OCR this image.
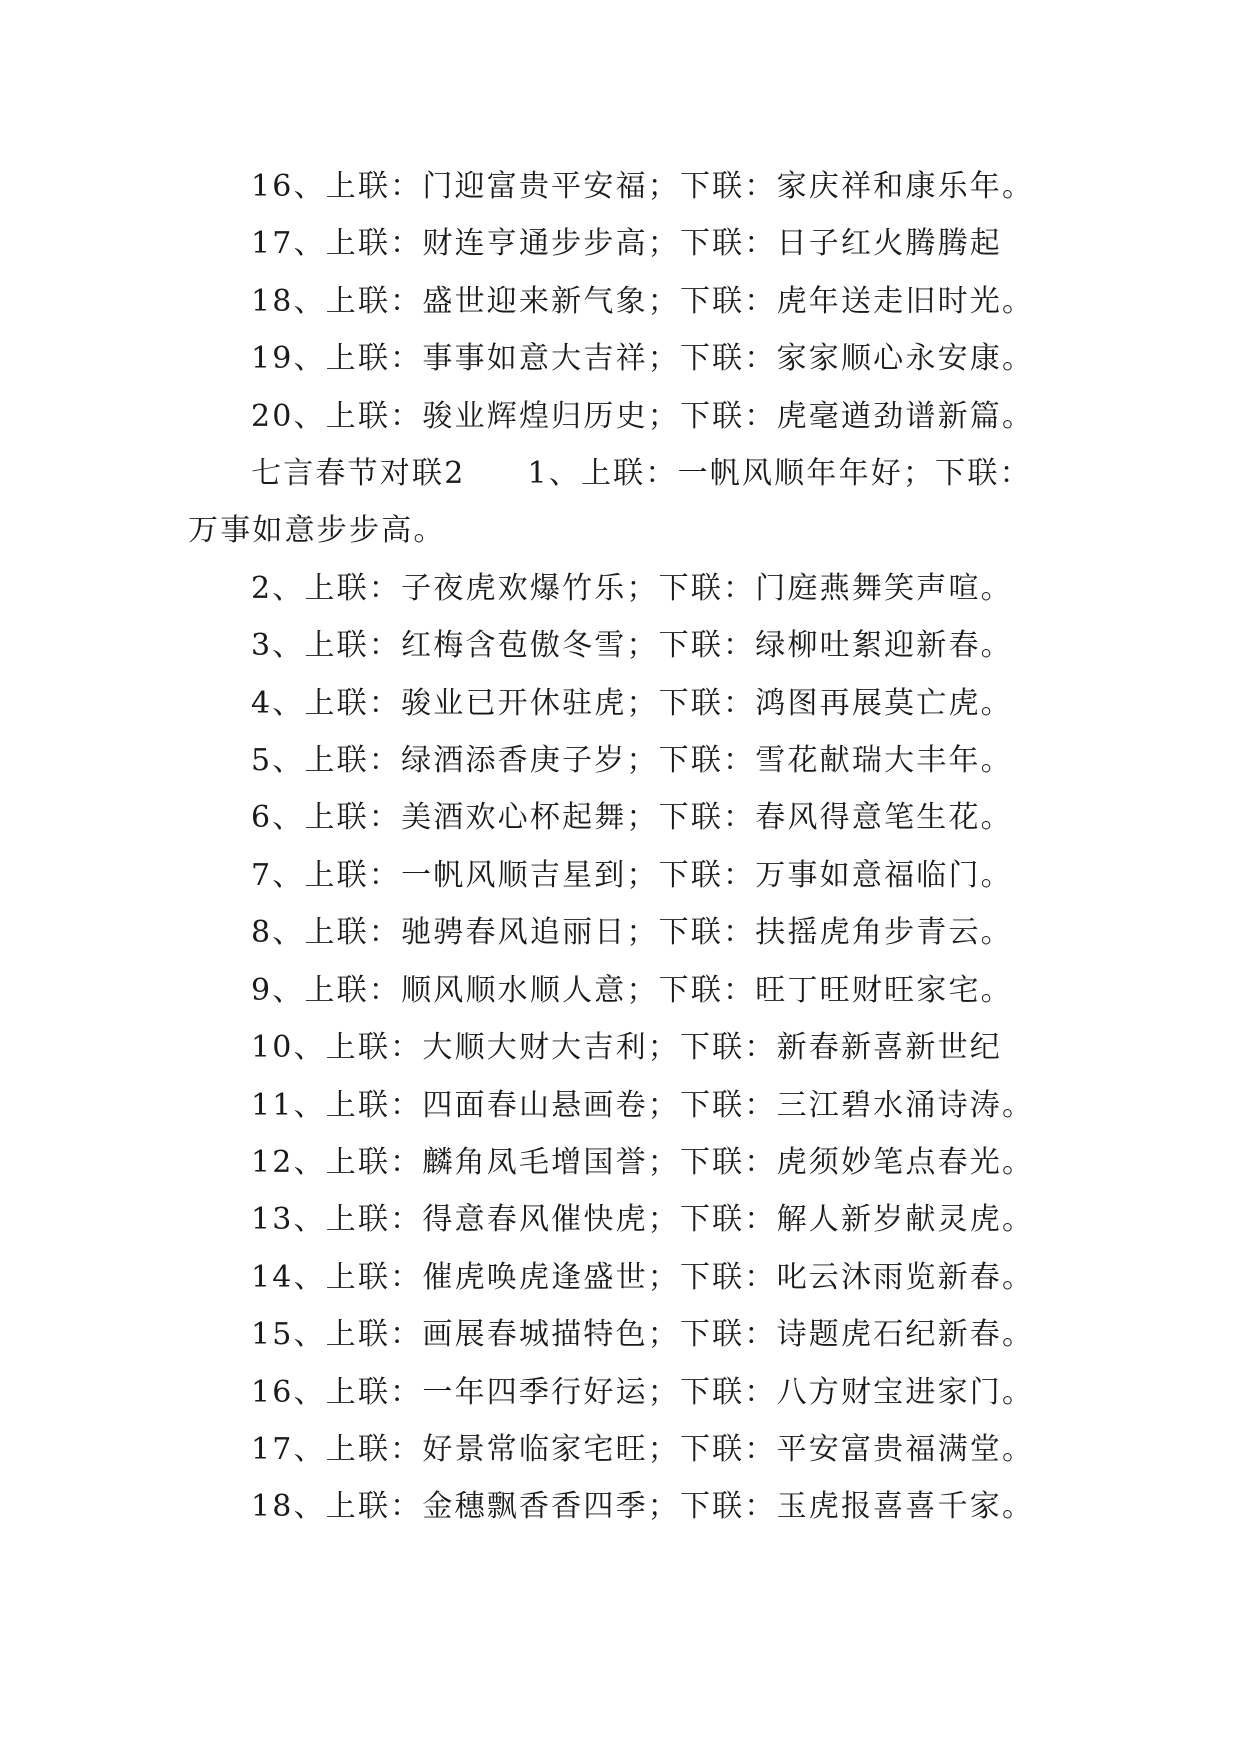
16、上联：门迎富贵平安福；下联：家庆祥和康乐年。
17、上联：财连亨通步步高；下联：日子红火腾腾起
18、上联：盛世迎来新气象；下联：虎年送走旧时光。
19、上联：事事如意大吉祥；下联：家家顺心永安康。
20、上联：骏业辉煌归历史；下联：虎毫遒劲谱新篇。
七言春节对联2 1、上联：一帆风顺年年好；下联：
万事如意步步高。
2、上联：子夜虎欢爆竹乐；下联：门庭燕舞笑声喧。
3、上联：红梅含苞傲冬雪；下联：绿柳吐絮迎新春。
4、上联：骏业已开休驻虎；下联：鸿图再展莫亡虎。
5、上联：绿酒添香庚子岁；下联：雪花献瑞大丰年。
6、上联：美酒欢心杯起舞；下联：春风得意笔生花。
7、上联：一帆风顺吉星到；下联：万事如意福临门。
8、上联：驰骋春风追丽日；下联：扶摇虎角步青云。
9、上联：顺风顺水顺人意；下联：旺丁旺财旺家宅。
10、上联：大顺大财大吉利；下联：新春新喜新世纪
11、上联：四面春山悬画卷；下联：三江碧水涌诗涛。
12、上联：麟角凤毛增国誉；下联：虎须妙笔点春光。
13、上联：得意春风催快虎；下联：解人新岁献灵虎。
14、上联：催虎唤虎逢盛世；下联：叱云沐雨览新春。
15、上联：画展春城描特色；下联：诗题虎石纪新春。
16、上联：一年四季行好运；下联：八方财宝进家门。
17、上联：好景常临家宅旺；下联：平安富贵福满堂。
18、上联：金穗飘香香四季；下联：玉虎报喜喜千家。
